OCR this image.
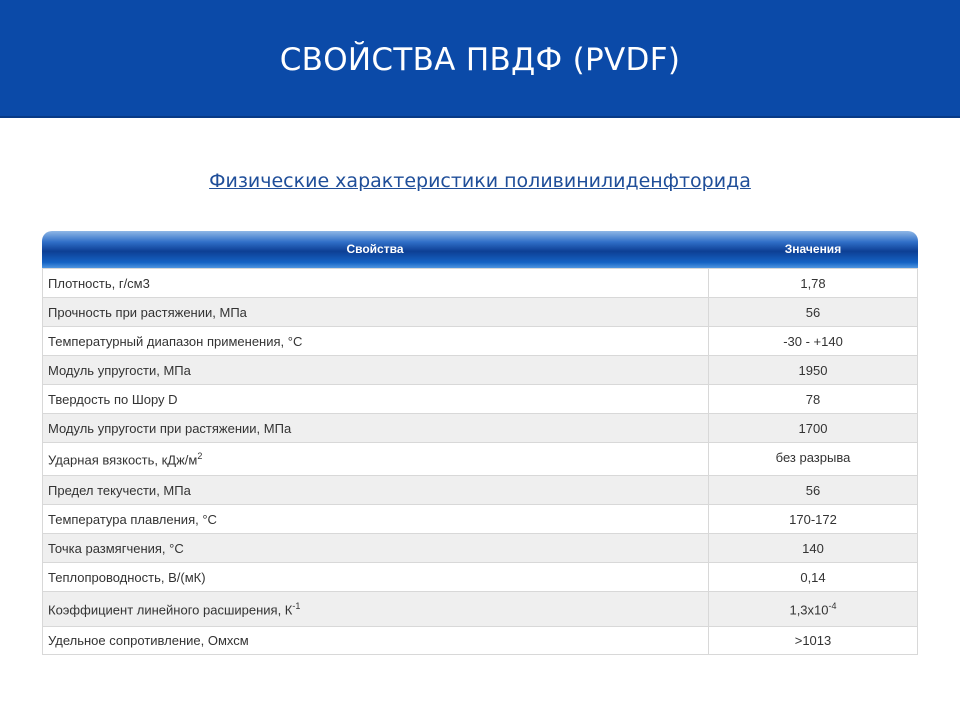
СВОЙСТВА ПВДФ (PVDF)
Физические характеристики поливинилиденфторида
Свойства	Значения
Плотность, г/см3	1,78
Прочность при растяжении, МПа	56
Температурный диапазон применения, °С	-30 - +140
Модуль упругости, МПа	1950
Твердость по Шору D	78
Модуль упругости при растяжении, МПа	1700
Ударная вязкость, кДж/$м^2$	без разрыва
Предел текучести, МПа	56
Температура плавления, °С	170-172
Точка размягчения, °С	140
Теплопроводность, В/(мК)	0,14
Коэффициент линейного расширения, $К^{-1}$	$1,3х10^{-4}$
Удельное сопротивление, Омхсм	>1013
